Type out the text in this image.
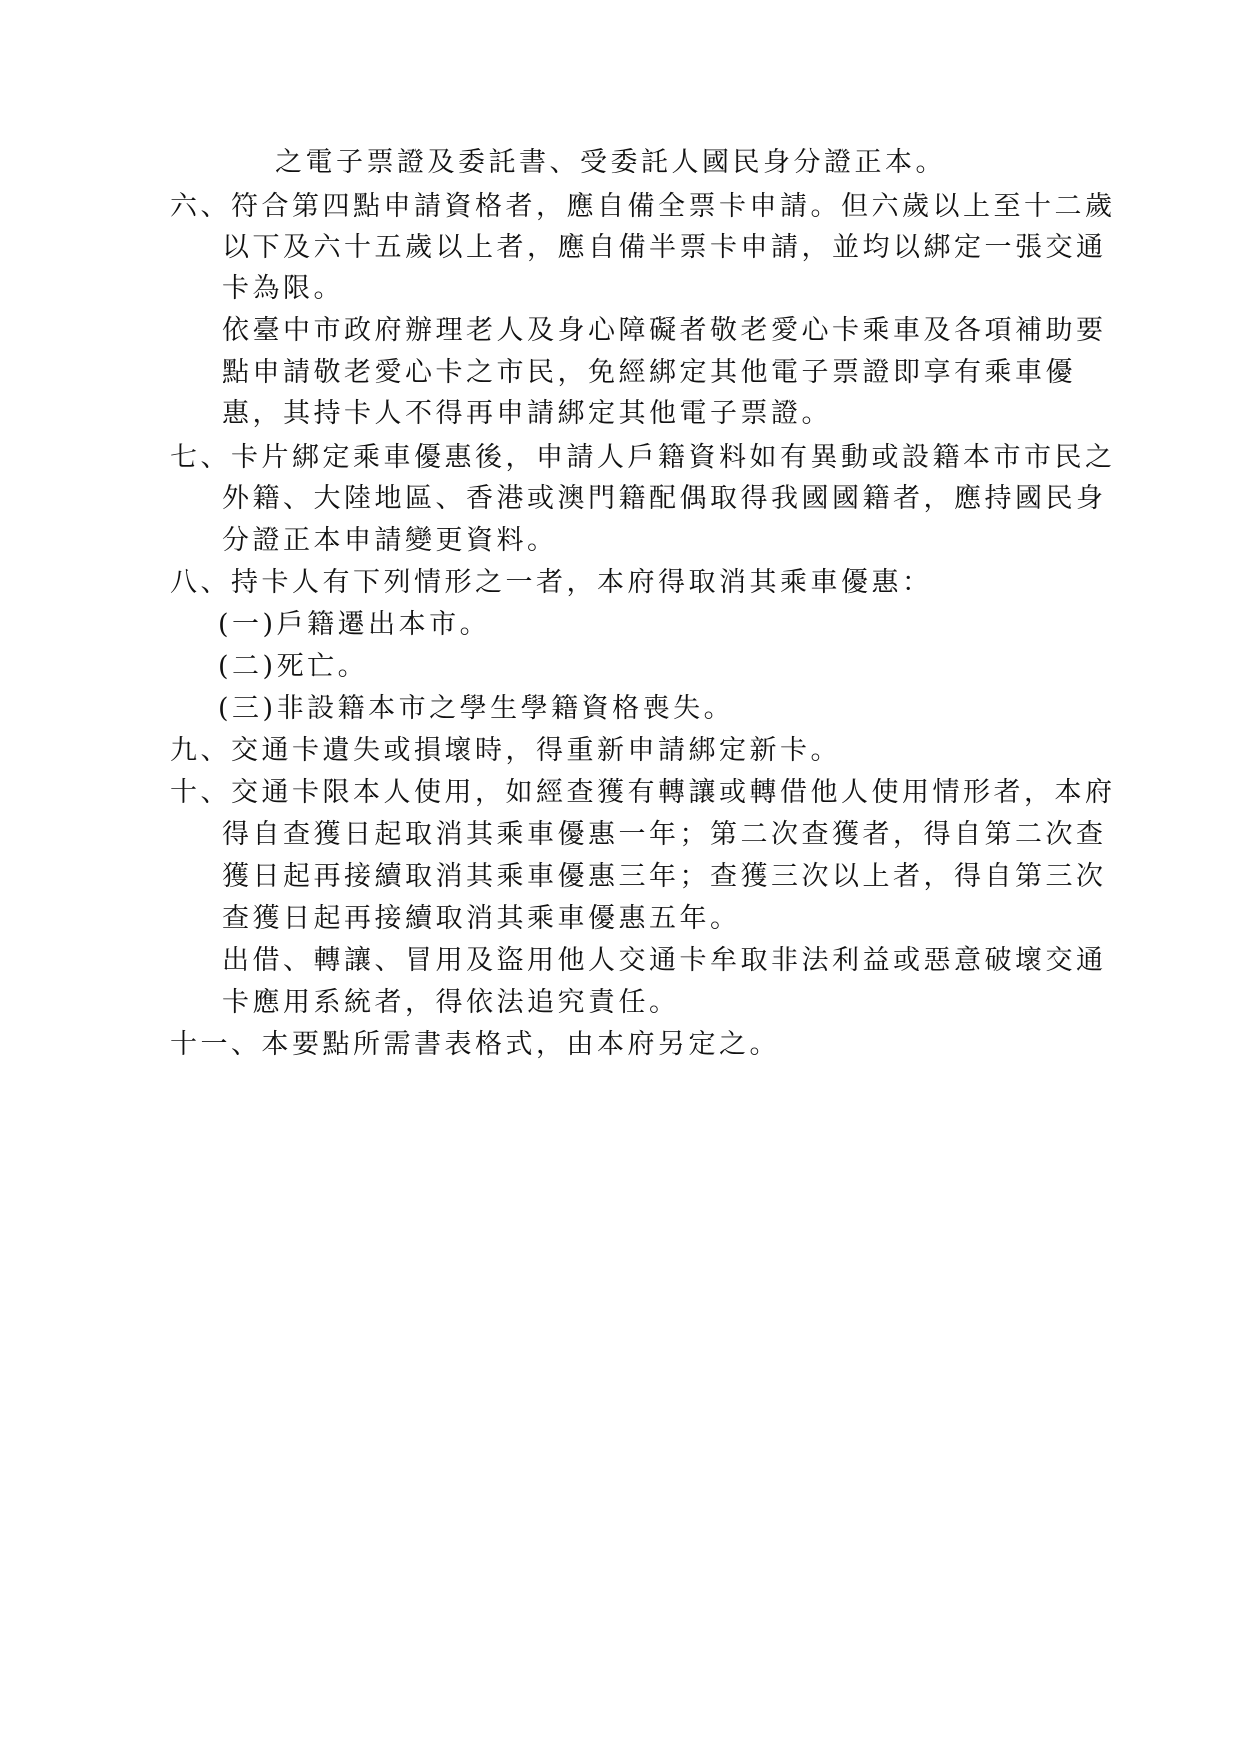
之電子票證及委託書、受委託人國民身分證正本。
六、符合第四點申請資格者，應自備全票卡申請。但六歲以上至十二歲
以下及六十五歲以上者，應自備半票卡申請，並均以綁定一張交通
卡為限。
依臺中市政府辦理老人及身心障礙者敬老愛心卡乘車及各項補助要
點申請敬老愛心卡之市民，免經綁定其他電子票證即享有乘車優
惠，其持卡人不得再申請綁定其他電子票證。
七、卡片綁定乘車優惠後，申請人戶籍資料如有異動或設籍本市市民之
外籍、大陸地區、香港或澳門籍配偶取得我國國籍者，應持國民身
分證正本申請變更資料。
八、持卡人有下列情形之一者，本府得取消其乘車優惠：
(一)戶籍遷出本市。
(二)死亡。
(三)非設籍本市之學生學籍資格喪失。
九、交通卡遺失或損壞時，得重新申請綁定新卡。
十、交通卡限本人使用，如經查獲有轉讓或轉借他人使用情形者，本府
得自查獲日起取消其乘車優惠一年；第二次查獲者，得自第二次查
獲日起再接續取消其乘車優惠三年；查獲三次以上者，得自第三次
查獲日起再接續取消其乘車優惠五年。
出借、轉讓、冒用及盜用他人交通卡牟取非法利益或惡意破壞交通
卡應用系統者，得依法追究責任。
十一、本要點所需書表格式，由本府另定之。
